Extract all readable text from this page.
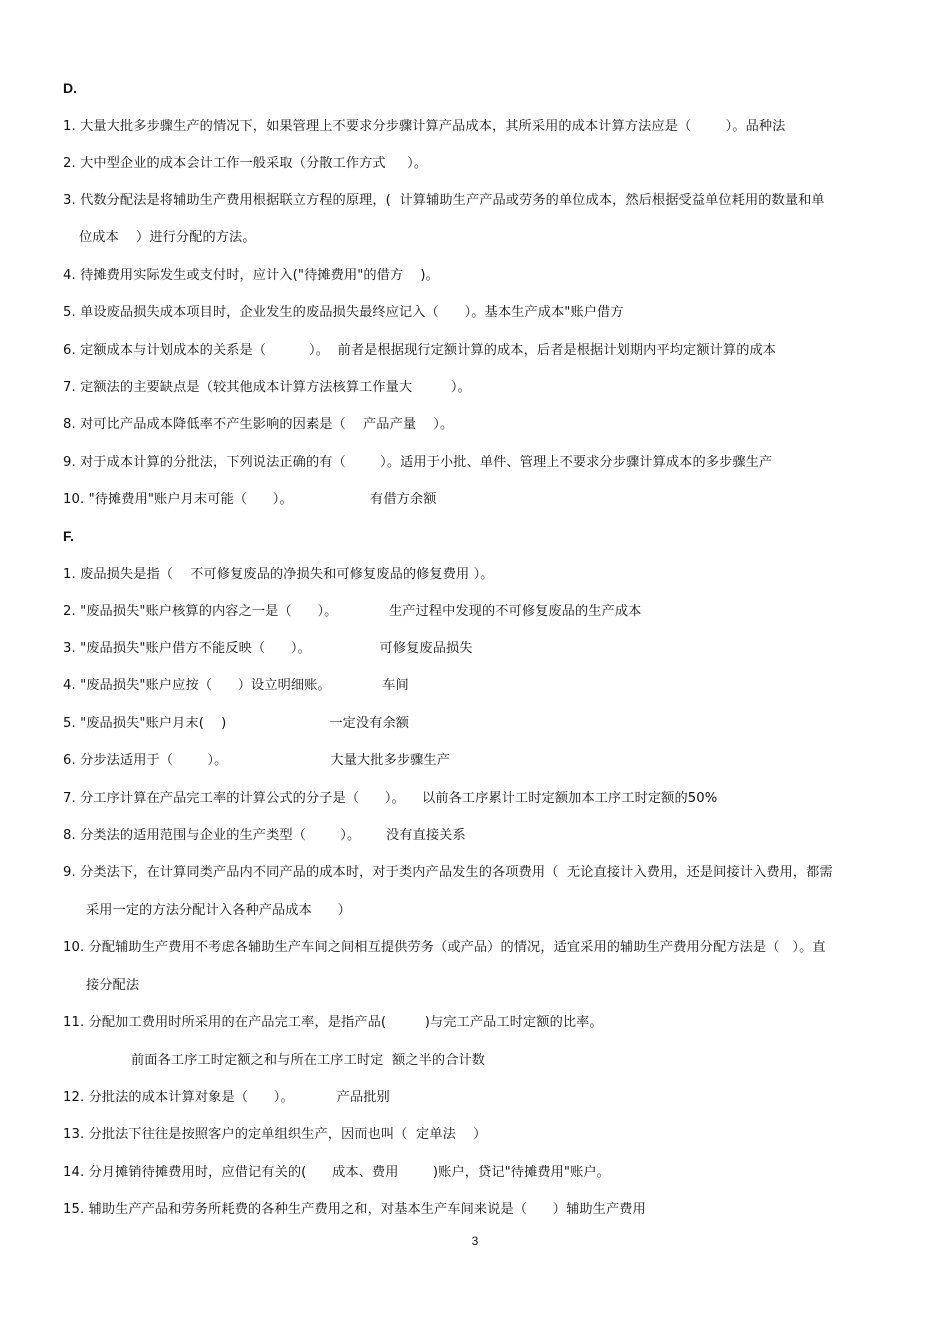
D.
1. 大量大批多步骤生产的情况下，如果管理上不要求分步骤计算产品成本，其所采用的成本计算方法应是（        ）。品种法
2. 大中型企业的成本会计工作一般采取（分散工作方式     ）。
3. 代数分配法是将辅助生产费用根据联立方程的原理，(  计算辅助生产产品或劳务的单位成本，然后根据受益单位耗用的数量和单
位成本    ）进行分配的方法。
4. 待摊费用实际发生或支付时，应计入("待摊费用"的借方    )。
5. 单设废品损失成本项目时，企业发生的废品损失最终应记入（      ）。基本生产成本"账户借方
6. 定额成本与计划成本的关系是（          ）。  前者是根据现行定额计算的成本，后者是根据计划期内平均定额计算的成本
7. 定额法的主要缺点是（较其他成本计算方法核算工作量大         ）。
8. 对可比产品成本降低率不产生影响的因素是（    产品产量    ）。
9. 对于成本计算的分批法，下列说法正确的有（        ）。适用于小批、单件、管理上不要求分步骤计算成本的多步骤生产
10. "待摊费用"账户月末可能（      ）。                  有借方余额
F.
1. 废品损失是指（    不可修复废品的净损失和可修复废品的修复费用 ）。
2. "废品损失"账户核算的内容之一是（      ）。            生产过程中发现的不可修复废品的生产成本
3. "废品损失"账户借方不能反映（      ）。                可修复废品损失
4. "废品损失"账户应按（      ）设立明细账。            车间
5. "废品损失"账户月末(    )                        一定没有余额
6. 分步法适用于（        ）。                        大量大批多步骤生产
7. 分工序计算在产品完工率的计算公式的分子是（      ）。    以前各工序累计工时定额加本工序工时定额的50%
8. 分类法的适用范围与企业的生产类型（        ）。      没有直接关系
9. 分类法下，在计算同类产品内不同产品的成本时，对于类内产品发生的各项费用（  无论直接计入费用，还是间接计入费用，都需
采用一定的方法分配计入各种产品成本      ）
10. 分配辅助生产费用不考虑各辅助生产车间之间相互提供劳务（或产品）的情况，适宜采用的辅助生产费用分配方法是（   ）。直
接分配法
11. 分配加工费用时所采用的在产品完工率，是指产品(         )与完工产品工时定额的比率。
前面各工序工时定额之和与所在工序工时定  额之半的合计数
12. 分批法的成本计算对象是（      ）。          产品批别
13. 分批法下往往是按照客户的定单组织生产，因而也叫（  定单法    ）
14. 分月摊销待摊费用时，应借记有关的(      成本、费用        )账户，贷记"待摊费用"账户。
15. 辅助生产产品和劳务所耗费的各种生产费用之和，对基本生产车间来说是（      ）辅助生产费用
3
